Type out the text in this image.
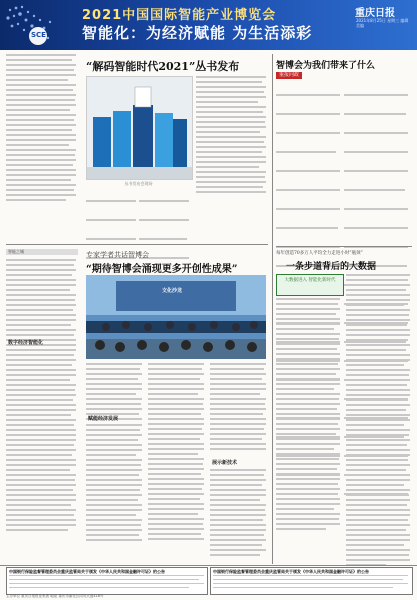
SCE
2021中国国际智能产业博览会
智能化：为经济赋能 为生活添彩
重庆日报
2021年8月25日 星期三 编辑 美编
“解码智能时代2021”丛书发布
丛书发布会现场

智能之城	专家学者共话智博会
“期待智博会涌现更多开创性成果”
数字经济智能化
文化沙龙
赋能经济发展
展示新技术
智博会为我们带来了什么
重报问政

每年创造70多万人平均全力走进小时“瓶颈”
一条步道背后的大数据
大数据进入 智能化新时代
中国银行保险监督管理委员会重庆监管局关于颁发《中华人民共和国金融许可证》的公告	中国银行保险监督管理委员会重庆监管局关于颁发《中华人民共和国金融许可证》的公告
主办单位 重庆日报报业集团 地址 重庆市渝北区同茂大道416号
